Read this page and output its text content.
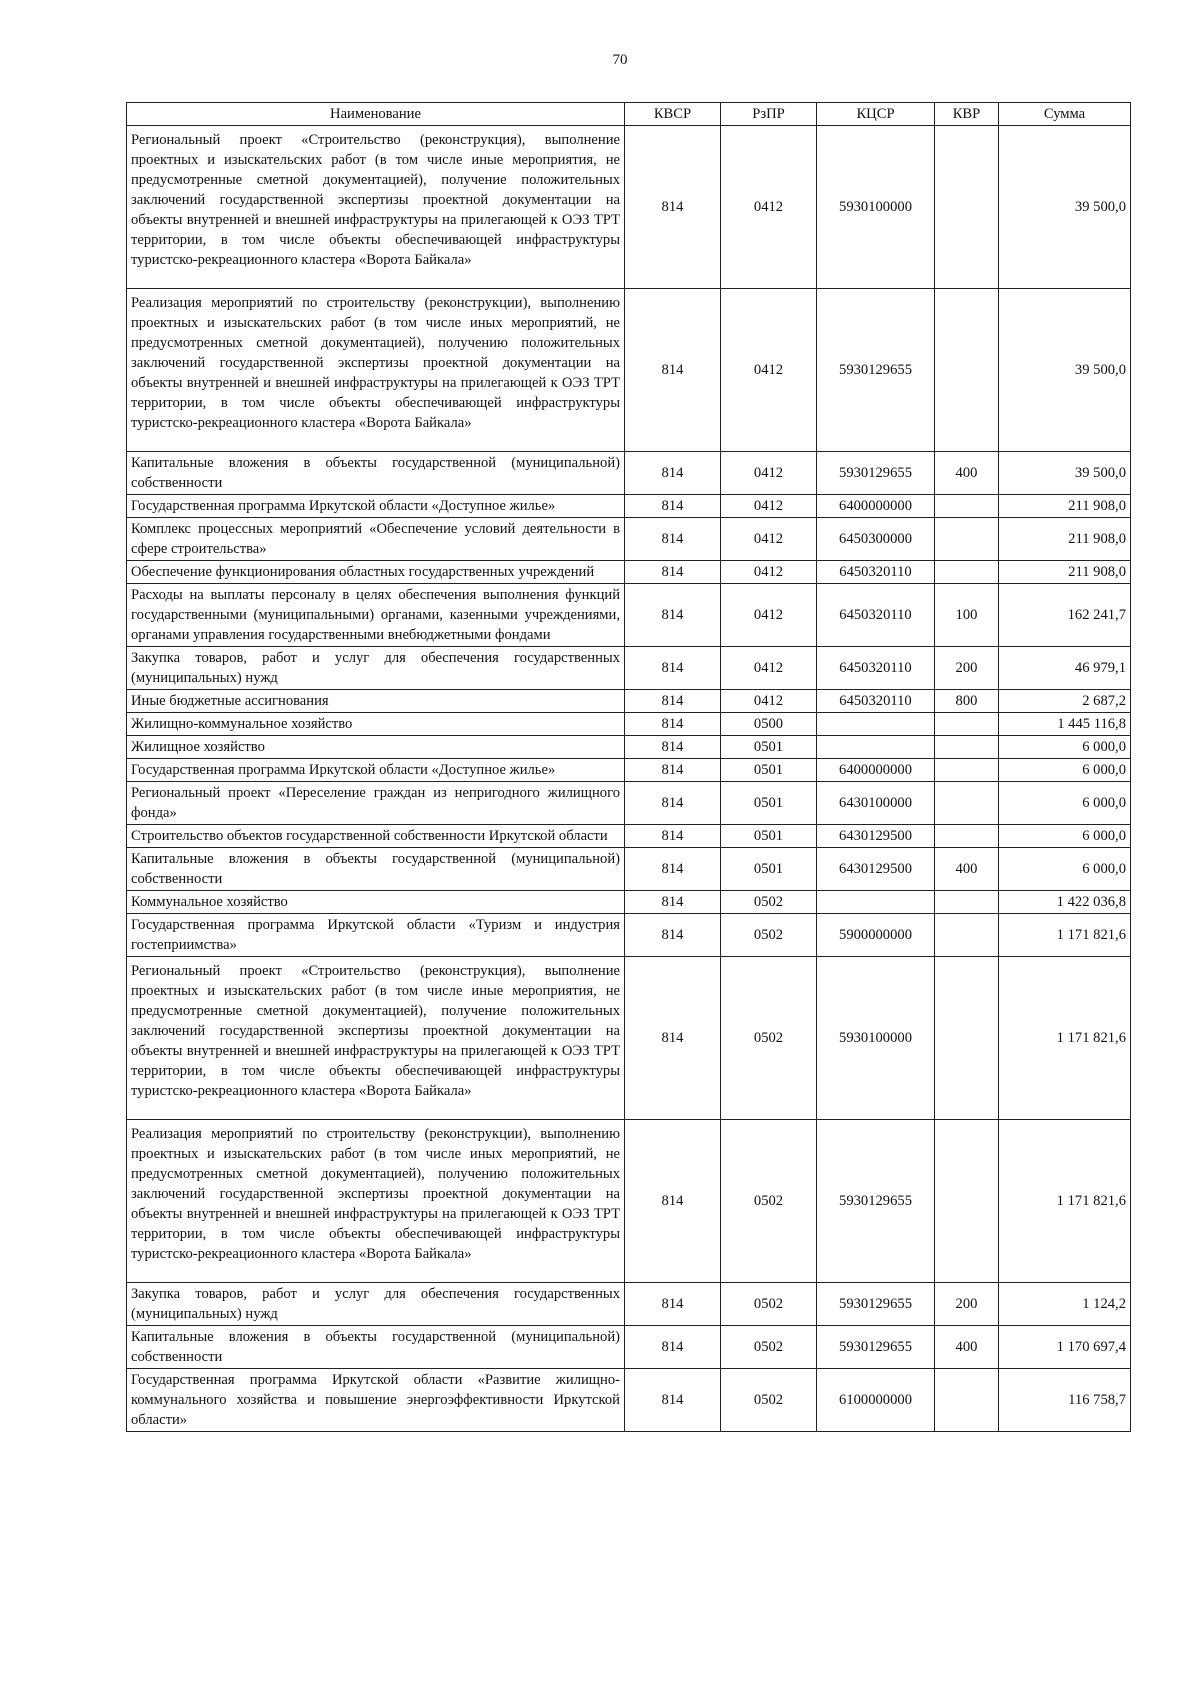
70
Наименование	КВСР	РзПР	КЦСР	КВР	Сумма
Региональный проект «Строительство (реконструкция), выполнение проектных и изыскательских работ (в том числе иные мероприятия, не предусмотренные сметной документацией), получение положительных заключений государственной экспертизы проектной документации на объекты внутренней и внешней инфраструктуры на прилегающей к ОЭЗ ТРТ территории, в том числе объекты обеспечивающей инфраструктуры туристско-рекреационного кластера «Ворота Байкала»	814	0412	5930100000		39 500,0
Реализация мероприятий по строительству (реконструкции), выполнению проектных и изыскательских работ (в том числе иных мероприятий, не предусмотренных сметной документацией), получению положительных заключений государственной экспертизы проектной документации на объекты внутренней и внешней инфраструктуры на прилегающей к ОЭЗ ТРТ территории, в том числе объекты обеспечивающей инфраструктуры туристско-рекреационного кластера «Ворота Байкала»	814	0412	5930129655		39 500,0
Капитальные вложения в объекты государственной (муниципальной) собственности	814	0412	5930129655	400	39 500,0
Государственная программа Иркутской области «Доступное жилье»	814	0412	6400000000		211 908,0
Комплекс процессных мероприятий «Обеспечение условий деятельности в сфере строительства»	814	0412	6450300000		211 908,0
Обеспечение функционирования областных государственных учреждений	814	0412	6450320110		211 908,0
Расходы на выплаты персоналу в целях обеспечения выполнения функций государственными (муниципальными) органами, казенными учреждениями, органами управления государственными внебюджетными фондами	814	0412	6450320110	100	162 241,7
Закупка товаров, работ и услуг для обеспечения государственных (муниципальных) нужд	814	0412	6450320110	200	46 979,1
Иные бюджетные ассигнования	814	0412	6450320110	800	2 687,2
Жилищно-коммунальное хозяйство	814	0500			1 445 116,8
Жилищное хозяйство	814	0501			6 000,0
Государственная программа Иркутской области «Доступное жилье»	814	0501	6400000000		6 000,0
Региональный проект «Переселение граждан из непригодного жилищного фонда»	814	0501	6430100000		6 000,0
Строительство объектов государственной собственности Иркутской области	814	0501	6430129500		6 000,0
Капитальные вложения в объекты государственной (муниципальной) собственности	814	0501	6430129500	400	6 000,0
Коммунальное хозяйство	814	0502			1 422 036,8
Государственная программа Иркутской области «Туризм и индустрия гостеприимства»	814	0502	5900000000		1 171 821,6
Региональный проект «Строительство (реконструкция), выполнение проектных и изыскательских работ (в том числе иные мероприятия, не предусмотренные сметной документацией), получение положительных заключений государственной экспертизы проектной документации на объекты внутренней и внешней инфраструктуры на прилегающей к ОЭЗ ТРТ территории, в том числе объекты обеспечивающей инфраструктуры туристско-рекреационного кластера «Ворота Байкала»	814	0502	5930100000		1 171 821,6
Реализация мероприятий по строительству (реконструкции), выполнению проектных и изыскательских работ (в том числе иных мероприятий, не предусмотренных сметной документацией), получению положительных заключений государственной экспертизы проектной документации на объекты внутренней и внешней инфраструктуры на прилегающей к ОЭЗ ТРТ территории, в том числе объекты обеспечивающей инфраструктуры туристско-рекреационного кластера «Ворота Байкала»	814	0502	5930129655		1 171 821,6
Закупка товаров, работ и услуг для обеспечения государственных (муниципальных) нужд	814	0502	5930129655	200	1 124,2
Капитальные вложения в объекты государственной (муниципальной) собственности	814	0502	5930129655	400	1 170 697,4
Государственная программа Иркутской области «Развитие жилищно-коммунального хозяйства и повышение энергоэффективности Иркутской области»	814	0502	6100000000		116 758,7
